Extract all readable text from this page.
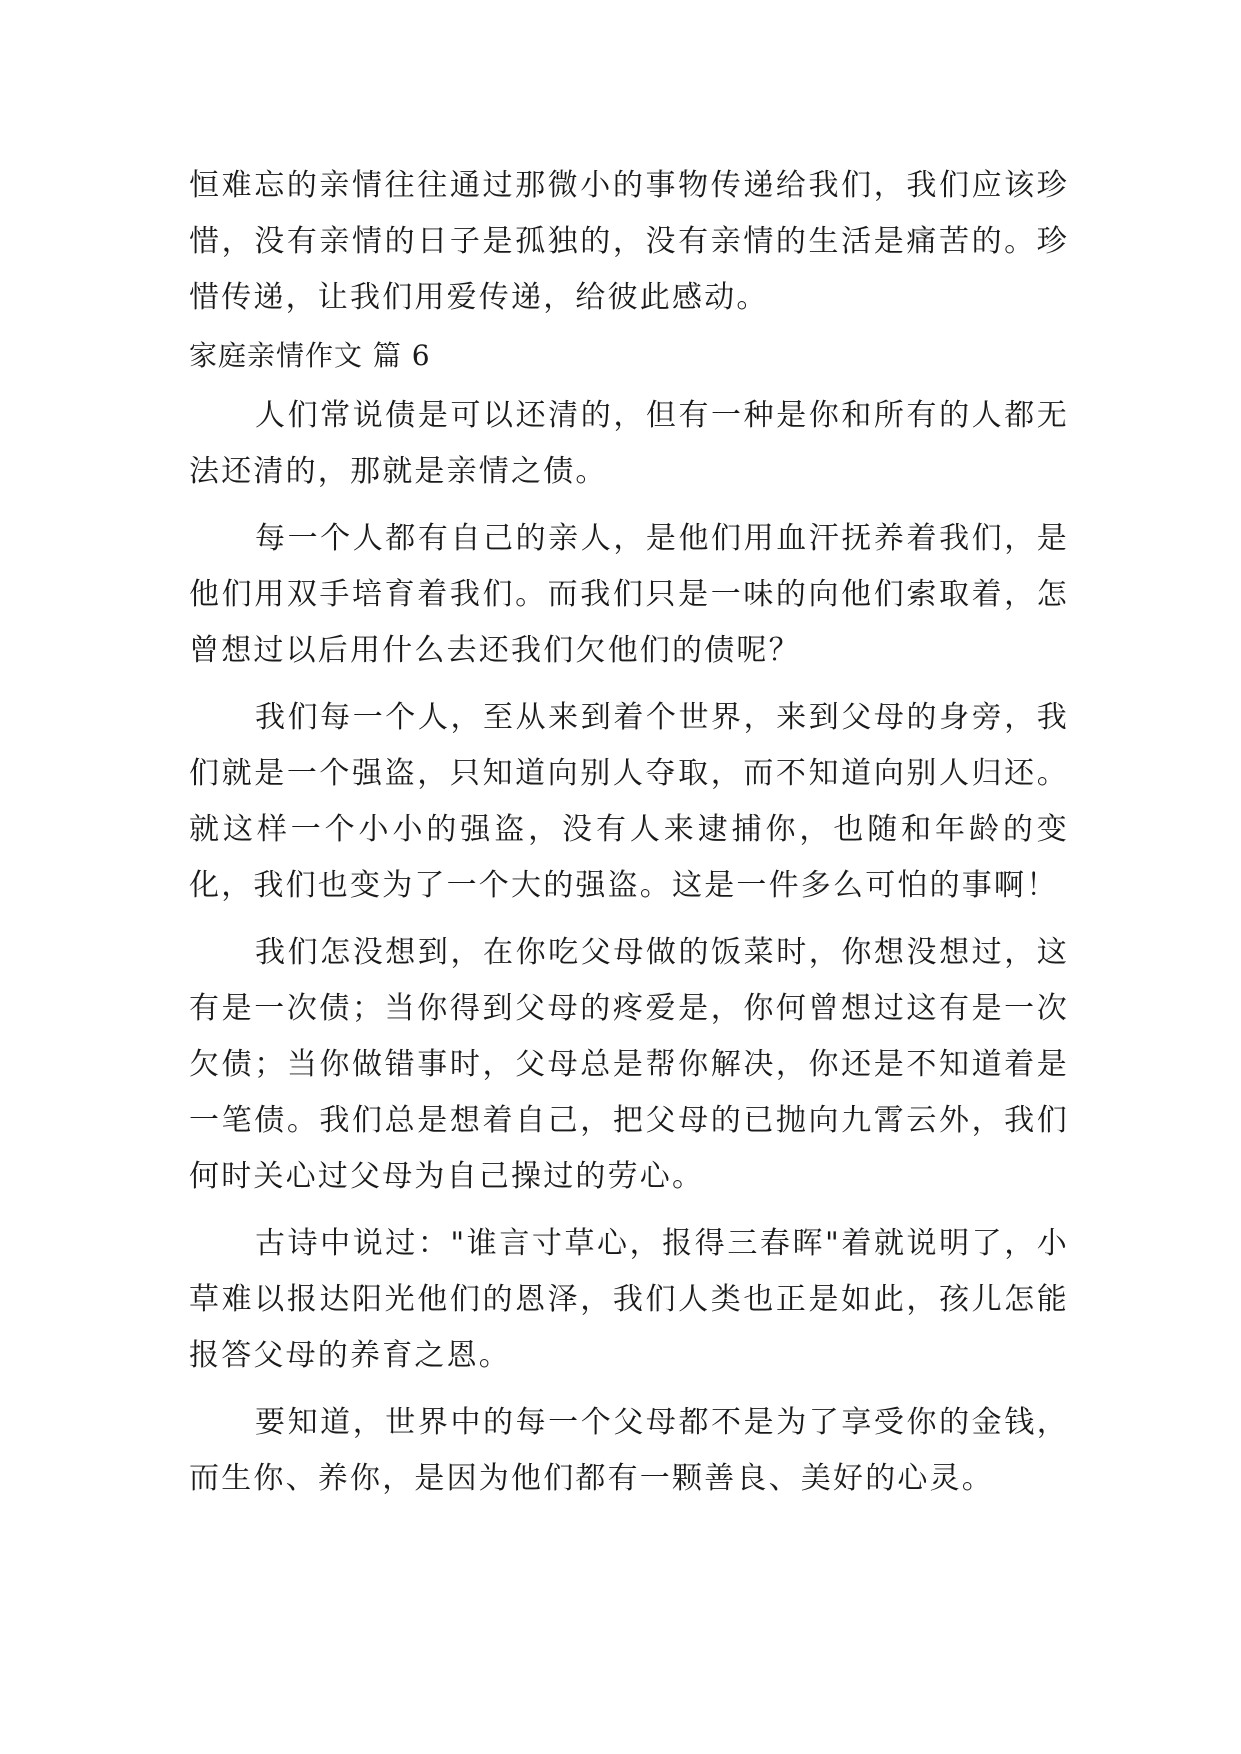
恒难忘的亲情往往通过那微小的事物传递给我们，我们应该珍惜，没有亲情的日子是孤独的，没有亲情的生活是痛苦的。珍惜传递，让我们用爱传递，给彼此感动。

家庭亲情作文 篇 6

人们常说债是可以还清的，但有一种是你和所有的人都无法还清的，那就是亲情之债。

每一个人都有自己的亲人，是他们用血汗抚养着我们，是他们用双手培育着我们。而我们只是一味的向他们索取着，怎曾想过以后用什么去还我们欠他们的债呢？

我们每一个人，至从来到着个世界，来到父母的身旁，我们就是一个强盗，只知道向别人夺取，而不知道向别人归还。就这样一个小小的强盗，没有人来逮捕你，也随和年龄的变化，我们也变为了一个大的强盗。这是一件多么可怕的事啊！

我们怎没想到，在你吃父母做的饭菜时，你想没想过，这有是一次债；当你得到父母的疼爱是，你何曾想过这有是一次欠债；当你做错事时，父母总是帮你解决，你还是不知道着是一笔债。我们总是想着自己，把父母的已抛向九霄云外，我们何时关心过父母为自己操过的劳心。

古诗中说过："谁言寸草心，报得三春晖"着就说明了，小草难以报达阳光他们的恩泽，我们人类也正是如此，孩儿怎能报答父母的养育之恩。

要知道，世界中的每一个父母都不是为了享受你的金钱，而生你、养你，是因为他们都有一颗善良、美好的心灵。
